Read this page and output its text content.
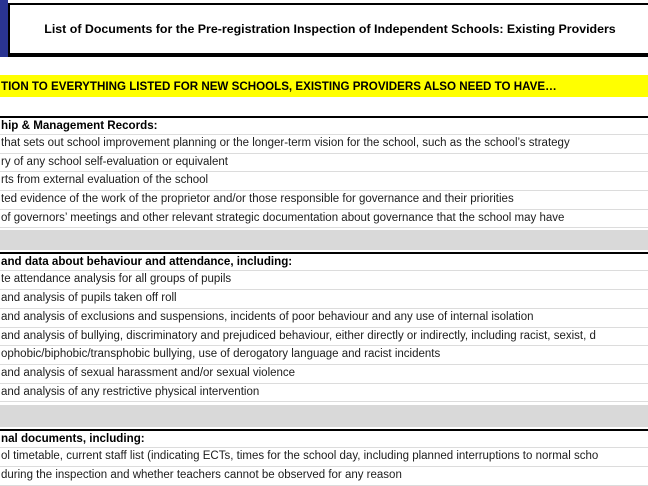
List of Documents for the Pre-registration Inspection of Independent Schools: Existing Providers
TION TO EVERYTHING LISTED FOR NEW SCHOOLS, EXISTING PROVIDERS ALSO NEED TO HAVE…
hip & Management Records:
that sets out school improvement planning or the longer-term vision for the school, such as the school’s strategy
ry of any school self-evaluation or equivalent
rts from external evaluation of the school
ted evidence of the work of the proprietor and/or those responsible for governance and their priorities
of governors’ meetings and other relevant strategic documentation about governance that the school may have
and data about behaviour and attendance, including:
te attendance analysis for all groups of pupils
and analysis of pupils taken off roll
and analysis of exclusions and suspensions, incidents of poor behaviour and any use of internal isolation
and analysis of bullying, discriminatory and prejudiced behaviour, either directly or indirectly, including racist, sexist, d
ophobic/biphobic/transphobic bullying, use of derogatory language and racist incidents
and analysis of sexual harassment and/or sexual violence
and analysis of any restrictive physical intervention
nal documents, including:
ol timetable, current staff list (indicating ECTs, times for the school day, including planned interruptions to normal scho
during the inspection and whether teachers cannot be observed for any reason
